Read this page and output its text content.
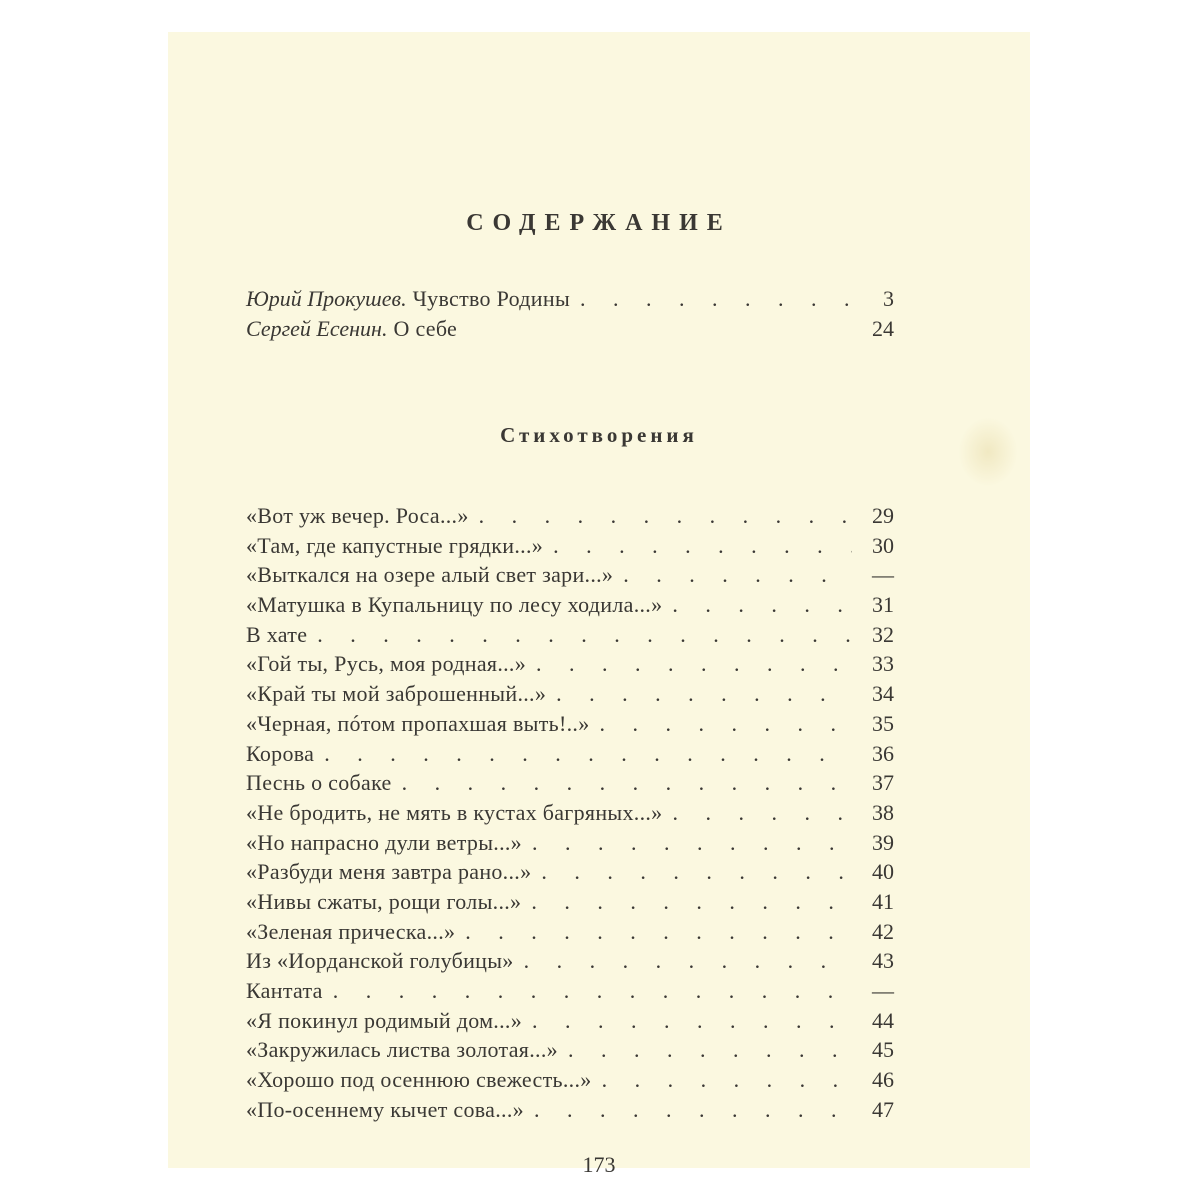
СОДЕРЖАНИЕ
Юрий Прокушев. Чувство Родины . . .	3
Сергей Есенин. О себе	24
Стихотворения
«Вот уж вечер. Роса...» . . .	29
«Там, где капустные грядки...» . . .	30
«Выткался на озере алый свет зари...» . . .	—
«Матушка в Купальницу по лесу ходила...» . . .	31
В хате . . .	32
«Гой ты, Русь, моя родная...» . . .	33
«Край ты мой заброшенный...» . . .	34
«Черная, пóтом пропахшая выть!..» . . .	35
Корова . . .	36
Песнь о собаке . . .	37
«Не бродить, не мять в кустах багряных...» . . .	38
«Но напрасно дули ветры...» . . .	39
«Разбуди меня завтра рано...» . . .	40
«Нивы сжаты, рощи голы...» . . .	41
«Зеленая прическа...» . . .	42
Из «Иорданской голубицы» . . .	43
Кантата . . .	—
«Я покинул родимый дом...» . . .	44
«Закружилась листва золотая...» . . .	45
«Хорошо под осеннюю свежесть...» . . .	46
«По-осеннему кычет сова...» . . .	47
173
